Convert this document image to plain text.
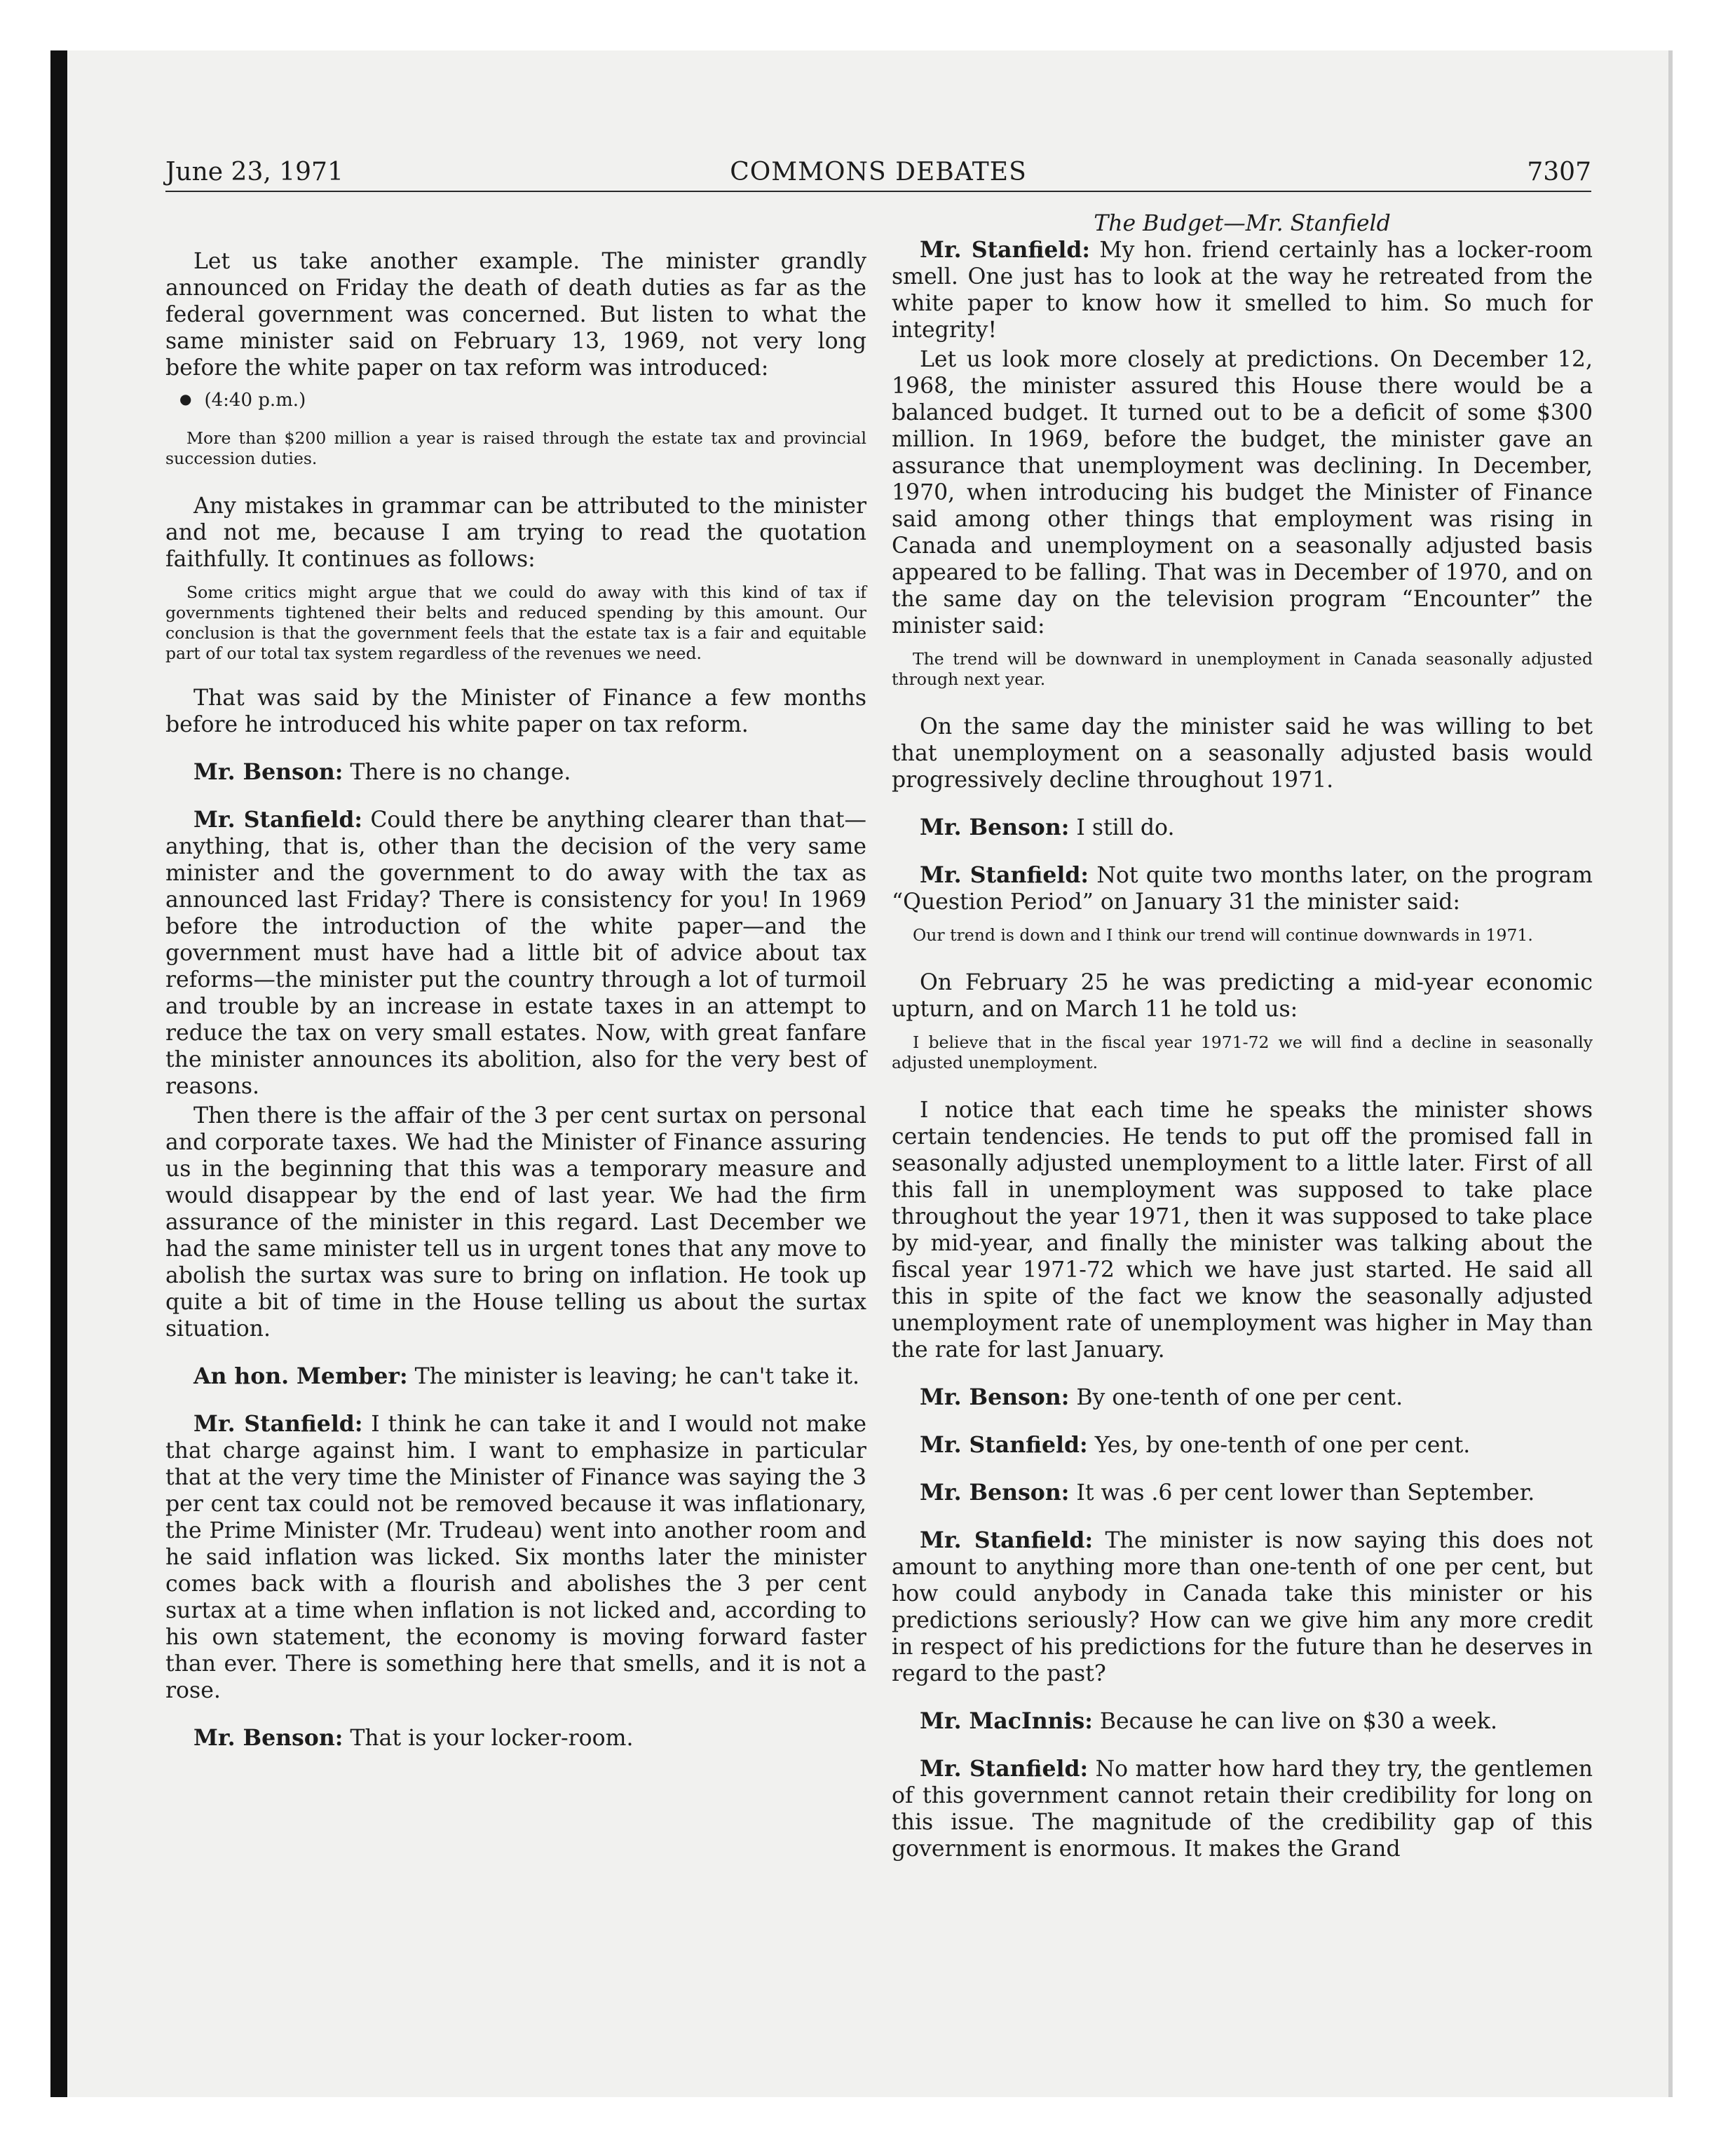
June 23, 1971	COMMONS DEBATES	7307

Let us take another example. The minister grandly announced on Friday the death of death duties as far as the federal government was concerned. But listen to what the same minister said on February 13, 1969, not very long before the white paper on tax reform was introduced:

● (4:40 p.m.)
More than $200 million a year is raised through the estate tax and provincial succession duties.

Any mistakes in grammar can be attributed to the minister and not me, because I am trying to read the quotation faithfully. It continues as follows:

Some critics might argue that we could do away with this kind of tax if governments tightened their belts and reduced spending by this amount. Our conclusion is that the government feels that the estate tax is a fair and equitable part of our total tax system regardless of the revenues we need.

That was said by the Minister of Finance a few months before he introduced his white paper on tax reform.

Mr. Benson: There is no change.

Mr. Stanfield: Could there be anything clearer than that—anything, that is, other than the decision of the very same minister and the government to do away with the tax as announced last Friday? There is consistency for you! In 1969 before the introduction of the white paper—and the government must have had a little bit of advice about tax reforms—the minister put the country through a lot of turmoil and trouble by an increase in estate taxes in an attempt to reduce the tax on very small estates. Now, with great fanfare the minister announces its abolition, also for the very best of reasons.

Then there is the affair of the 3 per cent surtax on personal and corporate taxes. We had the Minister of Finance assuring us in the beginning that this was a temporary measure and would disappear by the end of last year. We had the firm assurance of the minister in this regard. Last December we had the same minister tell us in urgent tones that any move to abolish the surtax was sure to bring on inflation. He took up quite a bit of time in the House telling us about the surtax situation.

An hon. Member: The minister is leaving; he can't take it.

Mr. Stanfield: I think he can take it and I would not make that charge against him. I want to emphasize in particular that at the very time the Minister of Finance was saying the 3 per cent tax could not be removed because it was inflationary, the Prime Minister (Mr. Trudeau) went into another room and he said inflation was licked. Six months later the minister comes back with a flourish and abolishes the 3 per cent surtax at a time when inflation is not licked and, according to his own statement, the economy is moving forward faster than ever. There is something here that smells, and it is not a rose.

Mr. Benson: That is your locker-room.

The Budget—Mr. Stanfield

Mr. Stanfield: My hon. friend certainly has a locker-room smell. One just has to look at the way he retreated from the white paper to know how it smelled to him. So much for integrity!

Let us look more closely at predictions. On December 12, 1968, the minister assured this House there would be a balanced budget. It turned out to be a deficit of some $300 million. In 1969, before the budget, the minister gave an assurance that unemployment was declining. In December, 1970, when introducing his budget the Minister of Finance said among other things that employment was rising in Canada and unemployment on a seasonally adjusted basis appeared to be falling. That was in December of 1970, and on the same day on the television program “Encounter” the minister said:

The trend will be downward in unemployment in Canada seasonally adjusted through next year.

On the same day the minister said he was willing to bet that unemployment on a seasonally adjusted basis would progressively decline throughout 1971.

Mr. Benson: I still do.

Mr. Stanfield: Not quite two months later, on the program “Question Period” on January 31 the minister said:

Our trend is down and I think our trend will continue downwards in 1971.

On February 25 he was predicting a mid-year economic upturn, and on March 11 he told us:

I believe that in the fiscal year 1971-72 we will find a decline in seasonally adjusted unemployment.

I notice that each time he speaks the minister shows certain tendencies. He tends to put off the promised fall in seasonally adjusted unemployment to a little later. First of all this fall in unemployment was supposed to take place throughout the year 1971, then it was supposed to take place by mid-year, and finally the minister was talking about the fiscal year 1971-72 which we have just started. He said all this in spite of the fact we know the seasonally adjusted unemployment rate of unemployment was higher in May than the rate for last January.

Mr. Benson: By one-tenth of one per cent.

Mr. Stanfield: Yes, by one-tenth of one per cent.

Mr. Benson: It was .6 per cent lower than September.

Mr. Stanfield: The minister is now saying this does not amount to anything more than one-tenth of one per cent, but how could anybody in Canada take this minister or his predictions seriously? How can we give him any more credit in respect of his predictions for the future than he deserves in regard to the past?

Mr. MacInnis: Because he can live on $30 a week.

Mr. Stanfield: No matter how hard they try, the gentlemen of this government cannot retain their credibility for long on this issue. The magnitude of the credibility gap of this government is enormous. It makes the Grand
